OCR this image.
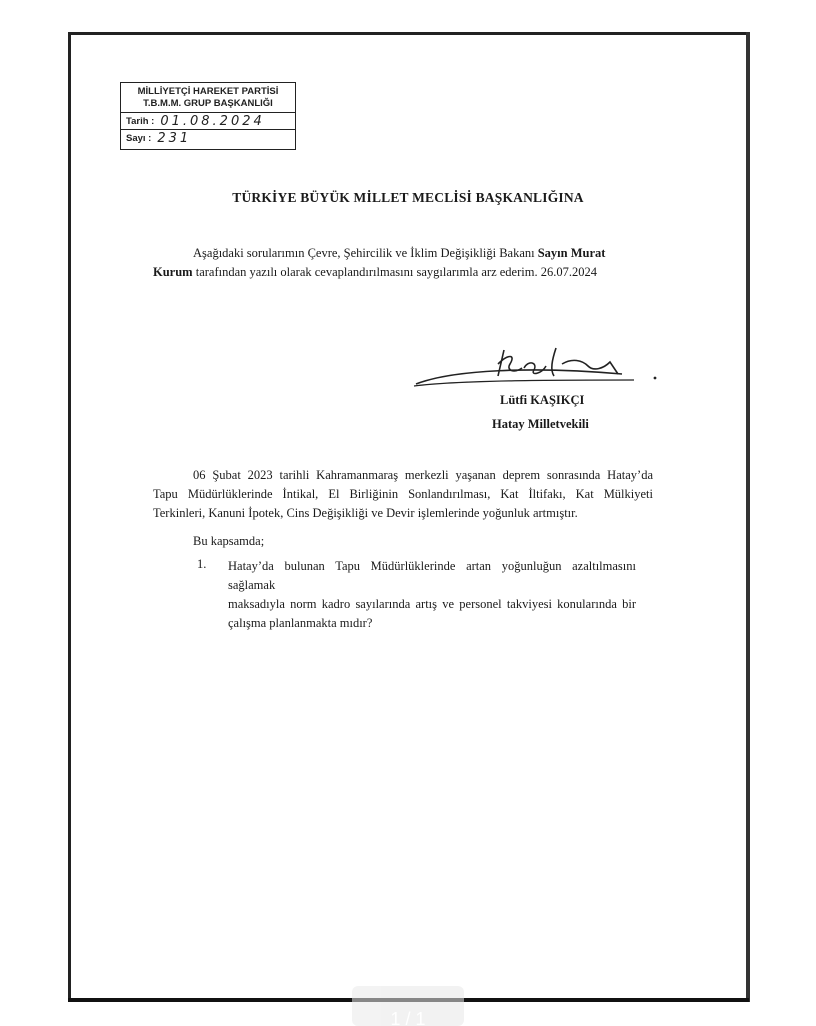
MİLLİYETÇİ HAREKET PARTİSİ
T.B.M.M. GRUP BAŞKANLIĞI
Tarih : 01.08.2024
Sayı : 231
TÜRKİYE BÜYÜK MİLLET MECLİSİ BAŞKANLIĞINA
Aşağıdaki sorularımın Çevre, Şehircilik ve İklim Değişikliği Bakanı Sayın Murat
Kurum tarafından yazılı olarak cevaplandırılmasını saygılarımla arz ederim. 26.07.2024
Lütfi KAŞIKÇI
Hatay Milletvekili
06 Şubat 2023 tarihli Kahramanmaraş merkezli yaşanan deprem sonrasında Hatay’da
Tapu Müdürlüklerinde İntikal, El Birliğinin Sonlandırılması, Kat İltifakı, Kat Mülkiyeti
Terkinleri, Kanuni İpotek, Cins Değişikliği ve Devir işlemlerinde yoğunluk artmıştır.
Bu kapsamda;
1. Hatay’da bulunan Tapu Müdürlüklerinde artan yoğunluğun azaltılmasını sağlamak
maksadıyla norm kadro sayılarında artış ve personel takviyesi konularında bir
çalışma planlanmakta mıdır?
1 / 1
